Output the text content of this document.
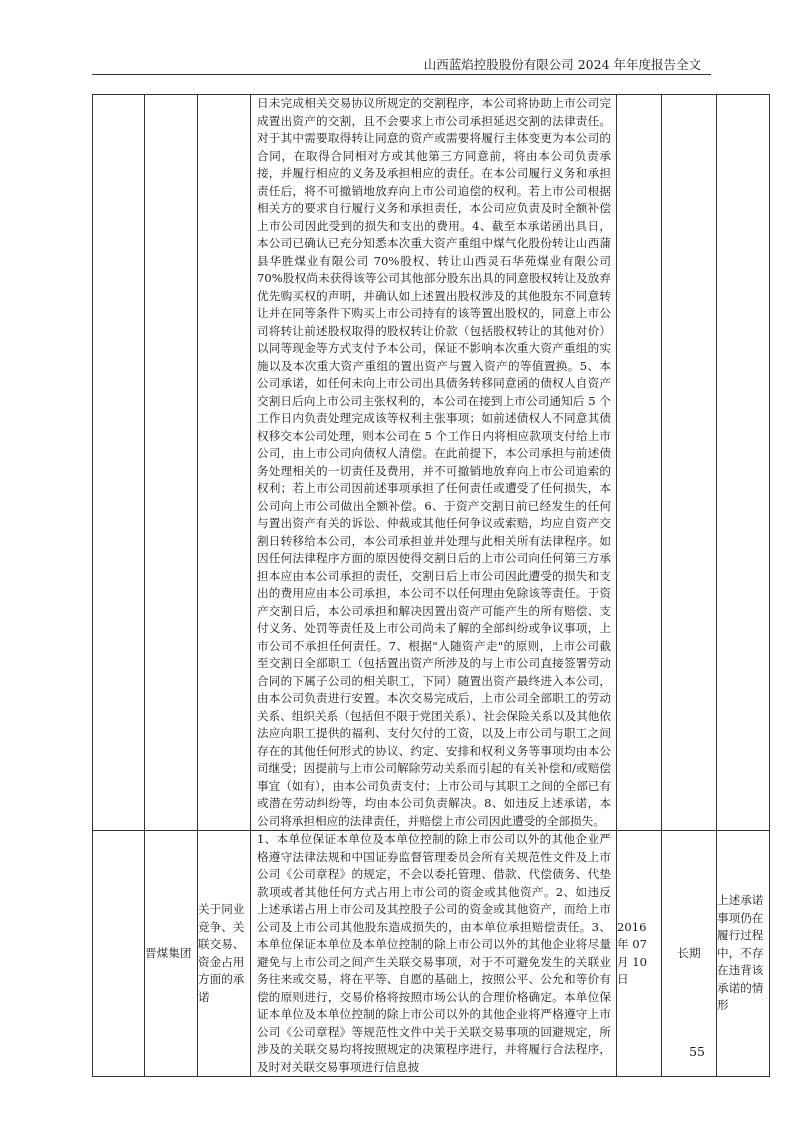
山西蓝焰控股股份有限公司 2024 年年度报告全文

			日未完成相关交易协议所规定的交割程序，本公司将协助上市公司完成置出资产的交割，且不会要求上市公司承担延迟交割的法律责任。对于其中需要取得转让同意的资产或需要将履行主体变更为本公司的合同，在取得合同相对方或其他第三方同意前，将由本公司负责承接，并履行相应的义务及承担相应的责任。在本公司履行义务和承担责任后，将不可撤销地放弃向上市公司追偿的权利。若上市公司根据相关方的要求自行履行义务和承担责任，本公司应负责及时全额补偿上市公司因此受到的损失和支出的费用。4、截至本承诺函出具日，本公司已确认已充分知悉本次重大资产重组中煤气化股份转让山西蒲县华胜煤业有限公司 70%股权、转让山西灵石华苑煤业有限公司 70%股权尚未获得该等公司其他部分股东出具的同意股权转让及放弃优先购买权的声明，并确认如上述置出股权涉及的其他股东不同意转让并在同等条件下购买上市公司持有的该等置出股权的，同意上市公司将转让前述股权取得的股权转让价款（包括股权转让的其他对价）以同等现金等方式支付予本公司，保证不影响本次重大资产重组的实施以及本次重大资产重组的置出资产与置入资产的等值置换。5、本公司承诺，如任何未向上市公司出具债务转移同意函的债权人自资产交割日后向上市公司主张权利的，本公司在接到上市公司通知后 5 个工作日内负责处理完成该等权利主张事项；如前述债权人不同意其债权移交本公司处理，则本公司在 5 个工作日内将相应款项支付给上市公司，由上市公司向债权人清偿。在此前提下，本公司承担与前述债务处理相关的一切责任及费用，并不可撤销地放弃向上市公司追索的权利；若上市公司因前述事项承担了任何责任或遭受了任何损失，本公司向上市公司做出全额补偿。6、于资产交割日前已经发生的任何与置出资产有关的诉讼、仲裁或其他任何争议或索赔，均应自资产交割日转移给本公司，本公司承担並并处理与此相关所有法律程序。如因任何法律程序方面的原因使得交割日后的上市公司向任何第三方承担本应由本公司承担的责任，交割日后上市公司因此遭受的损失和支出的费用应由本公司承担，本公司不以任何理由免除该等责任。于资产交割日后，本公司承担和解决因置出资产可能产生的所有赔偿、支付义务、处罚等责任及上市公司尚未了解的全部纠纷或争议事项，上市公司不承担任何责任。7、根据"人随资产走"的原则，上市公司截至交割日全部职工（包括置出资产所涉及的与上市公司直接签署劳动合同的下属子公司的相关职工，下同）随置出资产最终进入本公司，由本公司负责进行安置。本次交易完成后，上市公司全部职工的劳动关系、组织关系（包括但不限于党团关系）、社会保险关系以及其他依法应向职工提供的福利、支付欠付的工资，以及上市公司与职工之间存在的其他任何形式的协议、约定、安排和权利义务等事项均由本公司继受；因提前与上市公司解除劳动关系而引起的有关补偿和/或赔偿事宜（如有），由本公司负责支付；上市公司与其职工之间的全部已有或潜在劳动纠纷等，均由本公司负责解决。8、如违反上述承诺，本公司将承担相应的法律责任，并赔偿上市公司因此遭受的全部损失。			

	晋煤集团	关于同业竞争、关联交易、资金占用方面的承诺	1、本单位保证本单位及本单位控制的除上市公司以外的其他企业严格遵守法律法规和中国证券监督管理委员会所有关规范性文件及上市公司《公司章程》的规定，不会以委托管理、借款、代偿债务、代垫款项或者其他任何方式占用上市公司的资金或其他资产。2、如违反上述承诺占用上市公司及其控股子公司的资金或其他资产，而给上市公司及上市公司其他股东造成损失的，由本单位承担赔偿责任。3、本单位保证本单位及本单位控制的除上市公司以外的其他企业将尽量避免与上市公司之间产生关联交易事项，对于不可避免发生的关联业务往来或交易，将在平等、自愿的基础上，按照公平、公允和等价有偿的原则进行，交易价格将按照市场公认的合理价格确定。本单位保证本单位及本单位控制的除上市公司以外的其他企业将严格遵守上市公司《公司章程》等规范性文件中关于关联交易事项的回避规定，所涉及的关联交易均将按照规定的决策程序进行，并将履行合法程序，及时对关联交易事项进行信息披	2016 年 07 月 10 日	长期	上述承诺事项仍在履行过程中，不存在违背该承诺的情形
55
